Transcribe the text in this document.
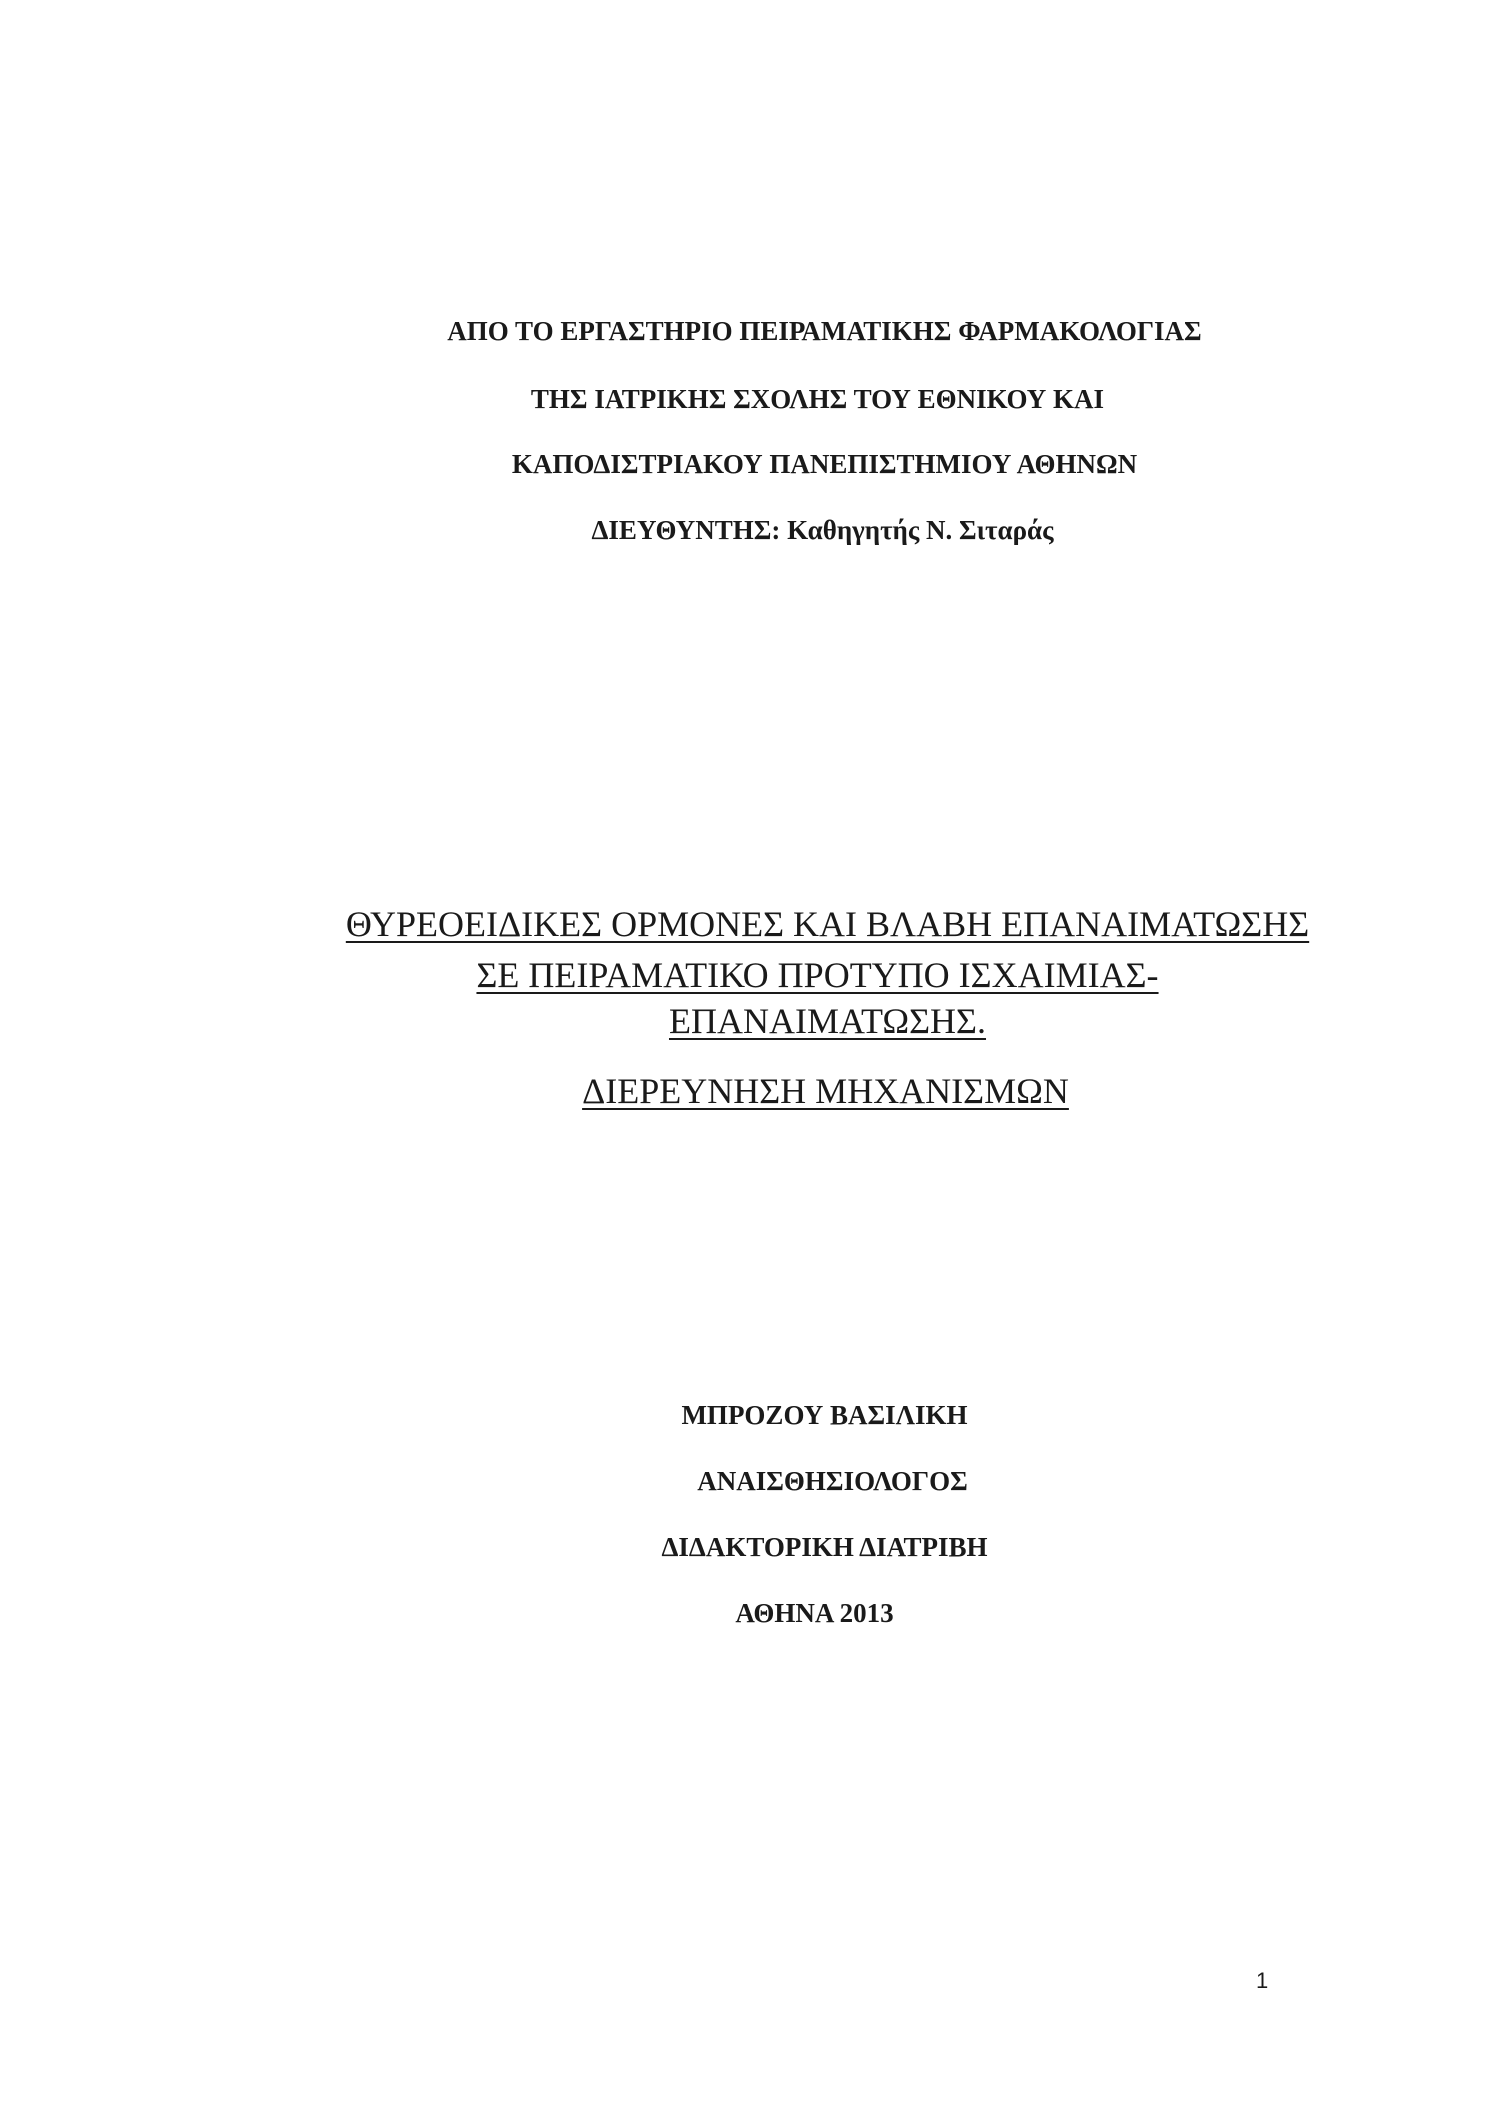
ΑΠΟ ΤΟ ΕΡΓΑΣΤΗΡΙΟ ΠΕΙΡΑΜΑΤΙΚΗΣ ΦΑΡΜΑΚΟΛΟΓΙΑΣ
ΤΗΣ ΙΑΤΡΙΚΗΣ ΣΧΟΛΗΣ ΤΟΥ ΕΘΝΙΚΟΥ ΚΑΙ
ΚΑΠΟΔΙΣΤΡΙΑΚΟΥ ΠΑΝΕΠΙΣΤΗΜΙΟΥ ΑΘΗΝΩΝ
ΔΙΕΥΘΥΝΤΗΣ: Καθηγητής Ν. Σιταράς
ΘΥΡΕΟΕΙΔΙΚΕΣ ΟΡΜΟΝΕΣ ΚΑΙ ΒΛΑΒΗ ΕΠΑΝΑΙΜΑΤΩΣΗΣ
ΣΕ ΠΕΙΡΑΜΑΤΙΚΟ ΠΡΟΤΥΠΟ ΙΣΧΑΙΜΙΑΣ-
ΕΠΑΝΑΙΜΑΤΩΣΗΣ.
ΔΙΕΡΕΥΝΗΣΗ ΜΗΧΑΝΙΣΜΩΝ
ΜΠΡΟΖΟΥ ΒΑΣΙΛΙΚΗ
ΑΝΑΙΣΘΗΣΙΟΛΟΓΟΣ
ΔΙΔΑΚΤΟΡΙΚΗ ΔΙΑΤΡΙΒΗ
ΑΘΗΝΑ 2013
1
